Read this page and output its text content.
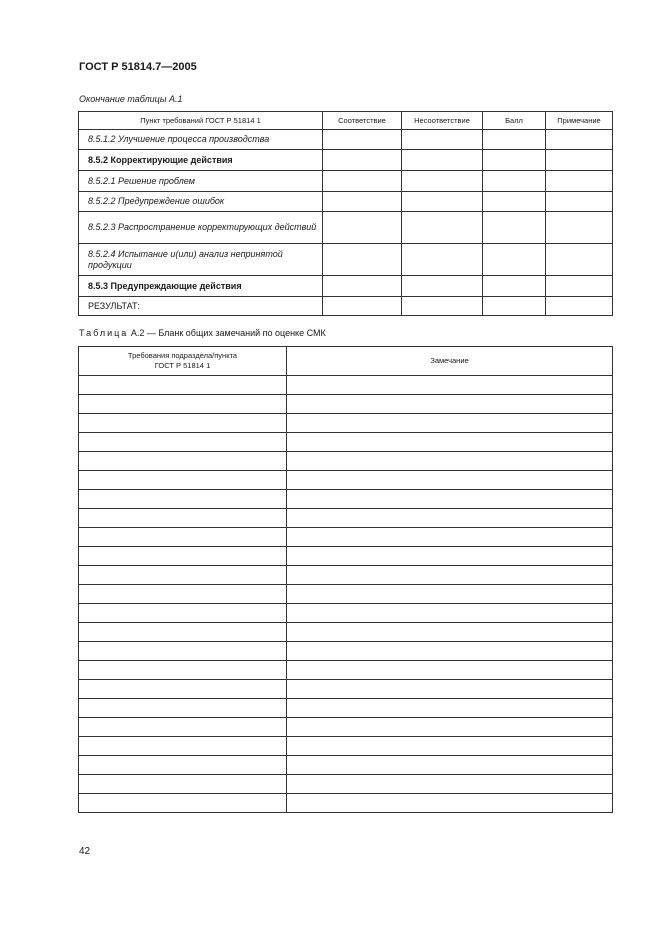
ГОСТ Р 51814.7—2005
Окончание таблицы А.1
Пункт требований ГОСТ Р 51814 1	Соответствие	Несоответствие	Балл	Примечание
8.5.1.2 Улучшение процесса производства				
8.5.2 Корректирующие действия				
8.5.2.1 Решение проблем				
8.5.2.2 Предупреждение ошибок				
8.5.2.3 Распространение корректирующих действий				
8.5.2.4 Испытание и(или) анализ непринятой продукции				
8.5.3 Предупреждающие действия				
РЕЗУЛЬТАТ:				
Таблица А.2 — Бланк общих замечаний по оценке СМК
Требования подраздела/пункта
ГОСТ Р 51814 1	Замечание

42
